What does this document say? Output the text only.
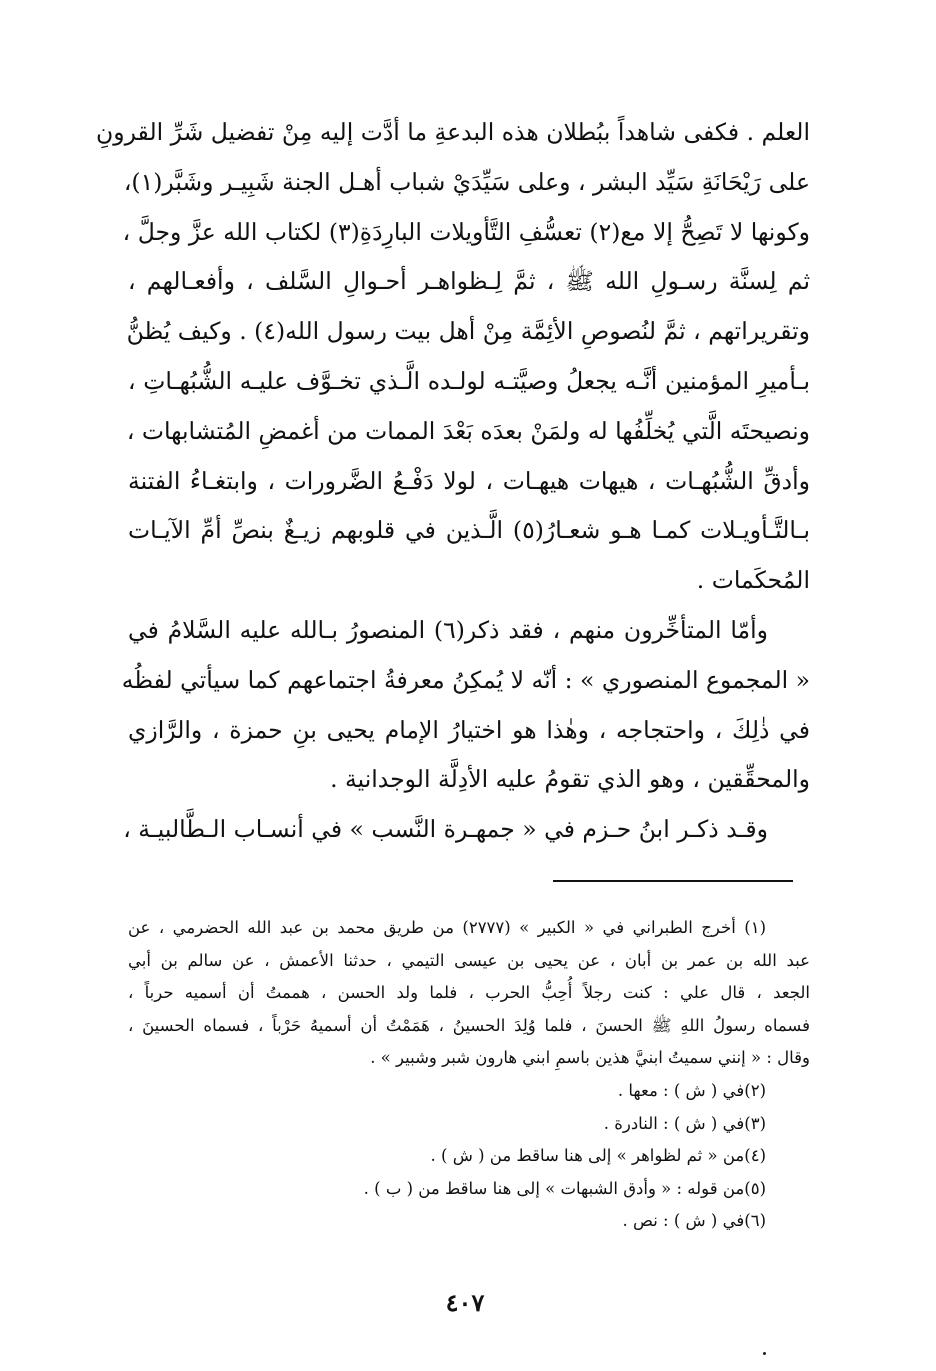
العلم . فكفى شاهداً ببُطلان هذه البدعةِ ما أدَّت إليه مِنْ تفضيل شَرِّ القرونِ
على رَيْحَانَةِ سَيِّد البشر ، وعلى سَيِّدَيْ شباب أهـل الجنة شَبِيـر وشَبَّر(١)،
وكونها لا تَصِحُّ إلا مع(٢) تعسُّفِ التَّأويلات البارِدَةِ(٣) لكتاب الله عزَّ وجلَّ ،
ثم لِسنَّة رسـولِ الله ﷺ ، ثمَّ لِـظواهـر أحـوالِ السَّلف ، وأفعـالهم ،
وتقريراتهم ، ثمَّ لنُصوصِ الأئِمَّة مِنْ أهل بيت رسول الله(٤) . وكيف يُظنُّ
بـأميرِ المؤمنين أنَّـه يجعلُ وصيَّتـه لولـده الَّـذي تخـوَّف عليـه الشُّبُهـاتِ ،
ونصيحتَه الَّتي يُخلِّفُها له ولمَنْ بعدَه بَعْدَ الممات من أغمضِ المُتشابهات ،
وأدقِّ الشُّبُهـات ، هيهات هيهـات ، لولا دَفْـعُ الضَّرورات ، وابتغـاءُ الفتنة
بـالتَّـأويـلات كمـا هـو شعـارُ(٥) الَّـذين في قلوبهم زيـغٌ بنصِّ أمِّ الآيـات
المُحكَمات .
وأمّا المتأخِّرون منهم ، فقد ذكر(٦) المنصورُ بـالله عليه السَّلامُ في
« المجموع المنصوري » : أنّه لا يُمكِنُ معرفةُ اجتماعهم كما سيأتي لفظُه
في ذٰلِكَ ، واحتجاجه ، وهٰذا هو اختيارُ الإمام يحيى بنِ حمزة ، والرَّازي
والمحقِّقين ، وهو الذي تقومُ عليه الأدِلَّة الوجدانية .
وقـد ذكـر ابنُ حـزم في « جمهـرة النَّسب » في أنسـاب الـطَّالبيـة ،
(١) أخرج الطبراني في « الكبير » (٢٧٧٧) من طريق محمد بن عبد الله الحضرمي ، عن
عبد الله بن عمر بن أبان ، عن يحيى بن عيسى التيمي ، حدثنا الأعمش ، عن سالم بن أبي
الجعد ، قال علي : كنت رجلاً أُحِبُّ الحرب ، فلما ولد الحسن ، هممتُ أن أسميه حرباً ،
فسماه رسولُ اللهِ ﷺ الحسنَ ، فلما وُلِدَ الحسينُ ، هَمَمْتُ أن أسميهُ حَرْباً ، فسماه الحسينَ ،
وقال : « إنني سميتُ ابنيَّ هذين باسمِ ابني هارون شبر وشبير » .
(٢)في ( ش ) : معها .
(٣)في ( ش ) : النادرة .
(٤)من « ثم لظواهر » إلى هنا ساقط من ( ش ) .
(٥)من قوله : « وأدق الشبهات » إلى هنا ساقط من ( ب ) .
(٦)في ( ش ) : نص .
٤٠٧
